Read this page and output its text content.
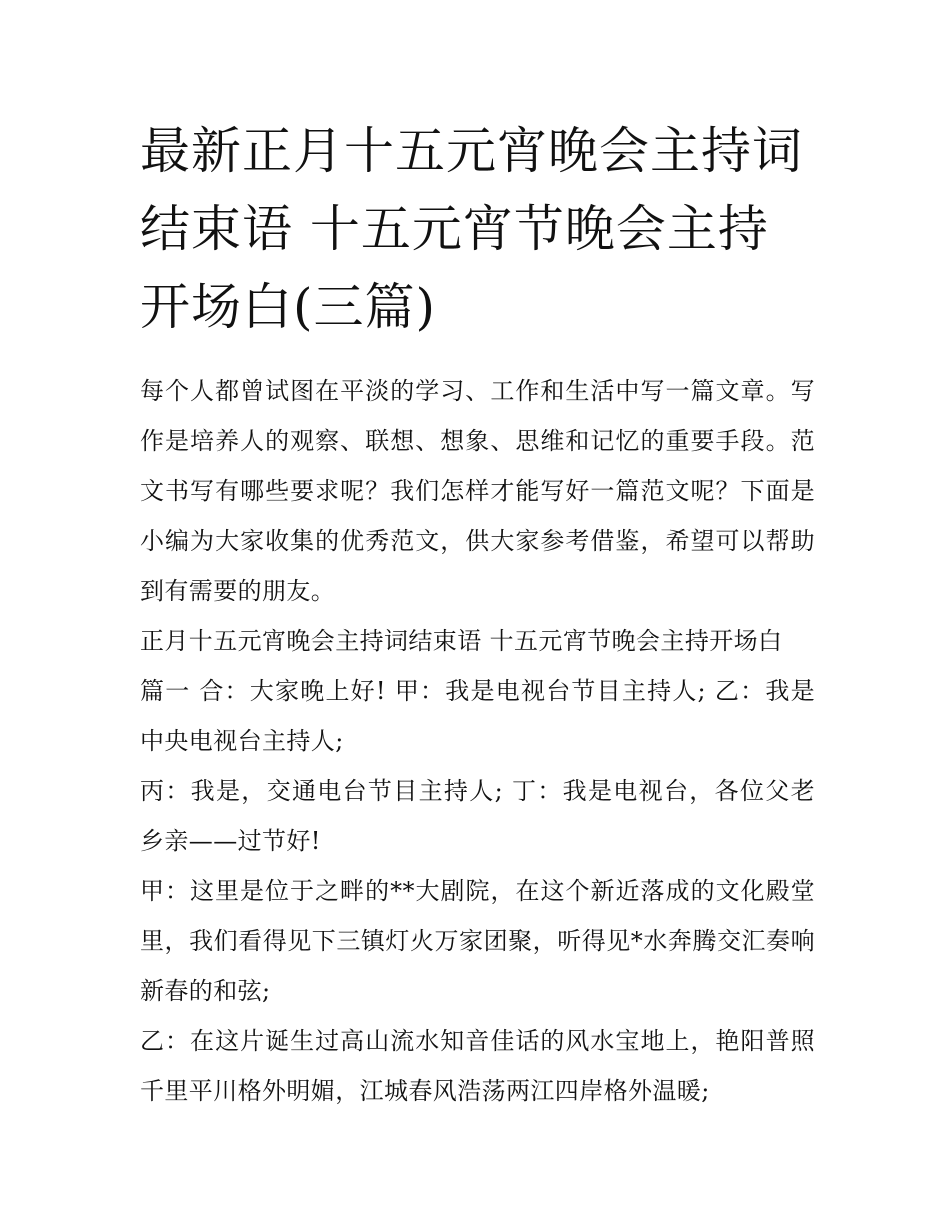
最新正月十五元宵晚会主持词结束语 十五元宵节晚会主持开场白(三篇)

每个人都曾试图在平淡的学习、工作和生活中写一篇文章。写作是培养人的观察、联想、想象、思维和记忆的重要手段。范文书写有哪些要求呢？我们怎样才能写好一篇范文呢？下面是小编为大家收集的优秀范文，供大家参考借鉴，希望可以帮助到有需要的朋友。

正月十五元宵晚会主持词结束语 十五元宵节晚会主持开场白

篇一 合：大家晚上好! 甲：我是电视台节目主持人; 乙：我是中央电视台主持人;

丙：我是，交通电台节目主持人; 丁：我是电视台，各位父老乡亲——过节好!

甲：这里是位于之畔的**大剧院，在这个新近落成的文化殿堂里，我们看得见下三镇灯火万家团聚，听得见*水奔腾交汇奏响新春的和弦;

乙：在这片诞生过高山流水知音佳话的风水宝地上，艳阳普照千里平川格外明媚，江城春风浩荡两江四岸格外温暖;
